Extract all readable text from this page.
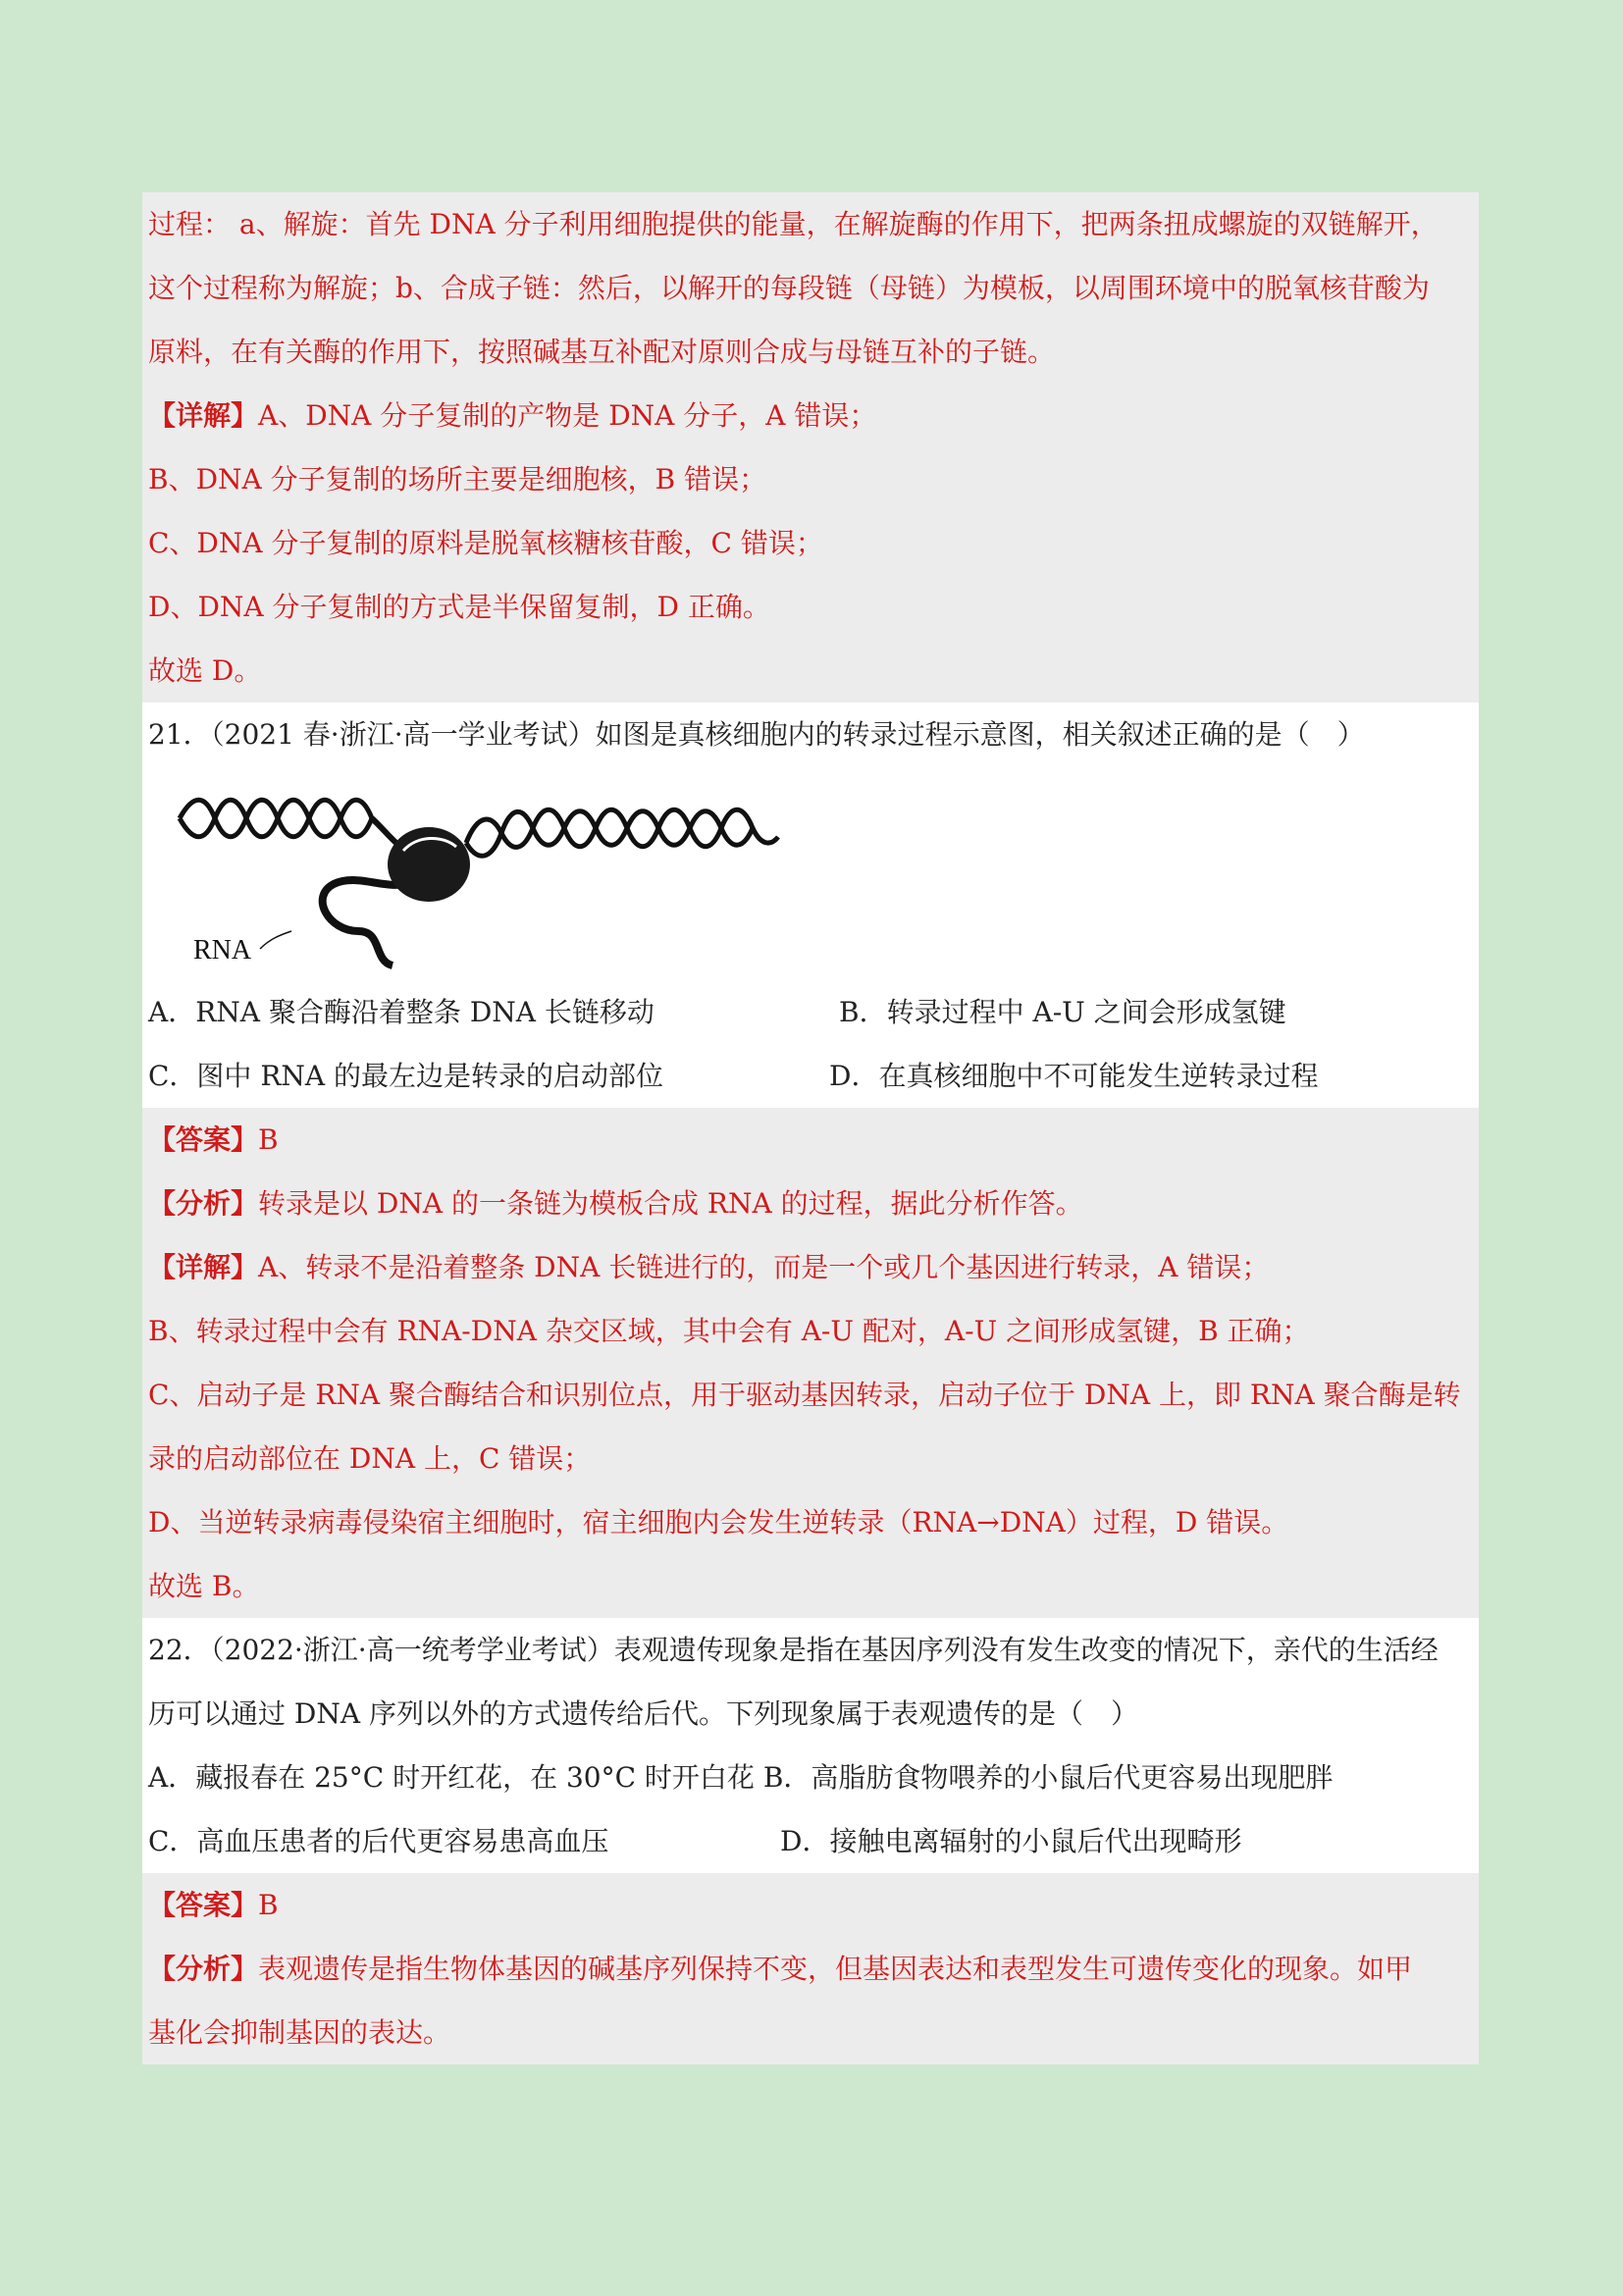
过程： a、解旋：首先 DNA 分子利用细胞提供的能量，在解旋酶的作用下，把两条扭成螺旋的双链解开，
这个过程称为解旋；b、合成子链：然后，以解开的每段链（母链）为模板，以周围环境中的脱氧核苷酸为
原料，在有关酶的作用下，按照碱基互补配对原则合成与母链互补的子链。
【详解】A、DNA 分子复制的产物是 DNA 分子，A 错误；
B、DNA 分子复制的场所主要是细胞核，B 错误；
C、DNA 分子复制的原料是脱氧核糖核苷酸，C 错误；
D、DNA 分子复制的方式是半保留复制，D 正确。
故选 D。
21．（2021 春·浙江·高一学业考试）如图是真核细胞内的转录过程示意图，相关叙述正确的是（　）
RNA
A．RNA 聚合酶沿着整条 DNA 长链移动	B．转录过程中 A-U 之间会形成氢键
C．图中 RNA 的最左边是转录的启动部位	D．在真核细胞中不可能发生逆转录过程
【答案】B
【分析】转录是以 DNA 的一条链为模板合成 RNA 的过程，据此分析作答。
【详解】A、转录不是沿着整条 DNA 长链进行的，而是一个或几个基因进行转录，A 错误；
B、转录过程中会有 RNA-DNA 杂交区域，其中会有 A-U 配对，A-U 之间形成氢键，B 正确；
C、启动子是 RNA 聚合酶结合和识别位点，用于驱动基因转录，启动子位于 DNA 上，即 RNA 聚合酶是转
录的启动部位在 DNA 上，C 错误；
D、当逆转录病毒侵染宿主细胞时，宿主细胞内会发生逆转录（RNA→DNA）过程，D 错误。
故选 B。
22．（2022·浙江·高一统考学业考试）表观遗传现象是指在基因序列没有发生改变的情况下，亲代的生活经
历可以通过 DNA 序列以外的方式遗传给后代。下列现象属于表观遗传的是（　）
A．藏报春在 25°C 时开红花，在 30°C 时开白花 B．高脂肪食物喂养的小鼠后代更容易出现肥胖
C．高血压患者的后代更容易患高血压	D．接触电离辐射的小鼠后代出现畸形
【答案】B
【分析】表观遗传是指生物体基因的碱基序列保持不变，但基因表达和表型发生可遗传变化的现象。如甲
基化会抑制基因的表达。
